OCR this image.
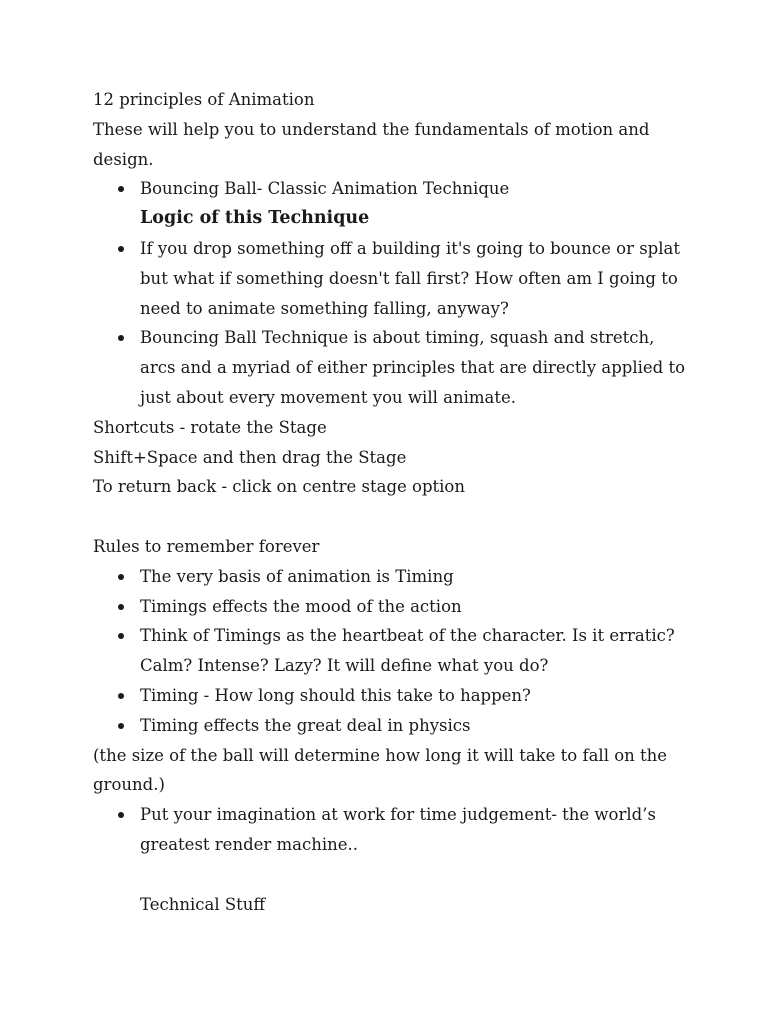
12 principles of Animation

These will help you to understand the fundamentals of motion and design.

Bouncing Ball- Classic Animation Technique

Logic of this Technique

If you drop something off a building it's going to bounce or splat but what if something doesn't fall first? How often am I going to need to animate something falling, anyway?
Bouncing Ball Technique is about timing, squash and stretch, arcs and a myriad of either principles that are directly applied to just about every movement you will animate.

Shortcuts - rotate the Stage

Shift+Space and then drag the Stage

To return back - click on centre stage option

Rules to remember forever

The very basis of animation is Timing
Timings effects the mood of the action
Think of Timings as the heartbeat of the character. Is it erratic? Calm? Intense? Lazy? It will define what you do?
Timing - How long should this take to happen?
Timing effects the great deal in physics

(the size of the ball will determine how long it will take to fall on the ground.)

Put your imagination at work for time judgement- the world’s greatest render machine..

Technical Stuff
